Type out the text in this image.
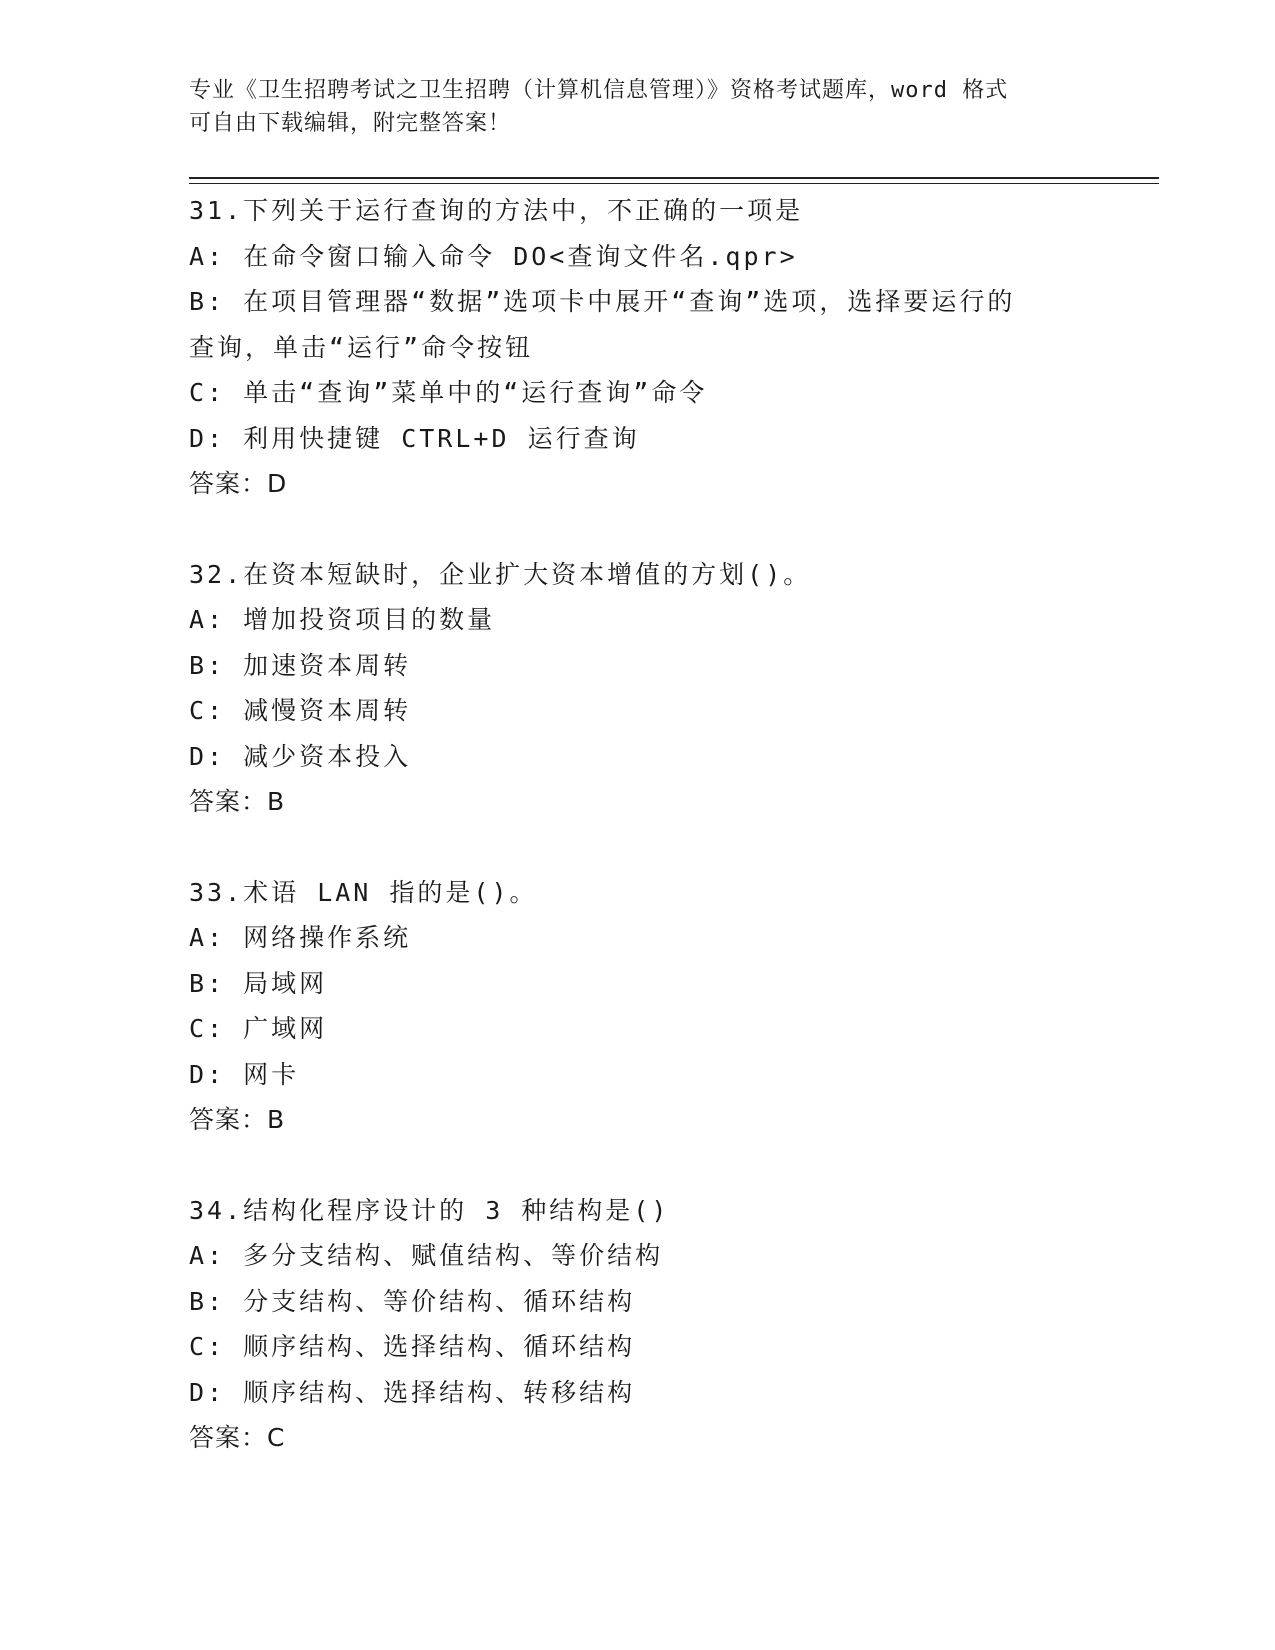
专业《卫生招聘考试之卫生招聘（计算机信息管理）》资格考试题库，word 格式
可自由下载编辑，附完整答案！
31.下列关于运行查询的方法中，不正确的一项是
A: 在命令窗口输入命令 DO<查询文件名.qpr>
B: 在项目管理器“数据”选项卡中展开“查询”选项，选择要运行的
查询，单击“运行”命令按钮
C: 单击“查询”菜单中的“运行查询”命令
D: 利用快捷键 CTRL+D 运行查询
答案：D
32.在资本短缺时，企业扩大资本增值的方划()。
A: 增加投资项目的数量
B: 加速资本周转
C: 减慢资本周转
D: 减少资本投入
答案：B
33.术语 LAN 指的是()。
A: 网络操作系统
B: 局域网
C: 广域网
D: 网卡
答案：B
34.结构化程序设计的 3 种结构是()
A: 多分支结构、赋值结构、等价结构
B: 分支结构、等价结构、循环结构
C: 顺序结构、选择结构、循环结构
D: 顺序结构、选择结构、转移结构
答案：C
